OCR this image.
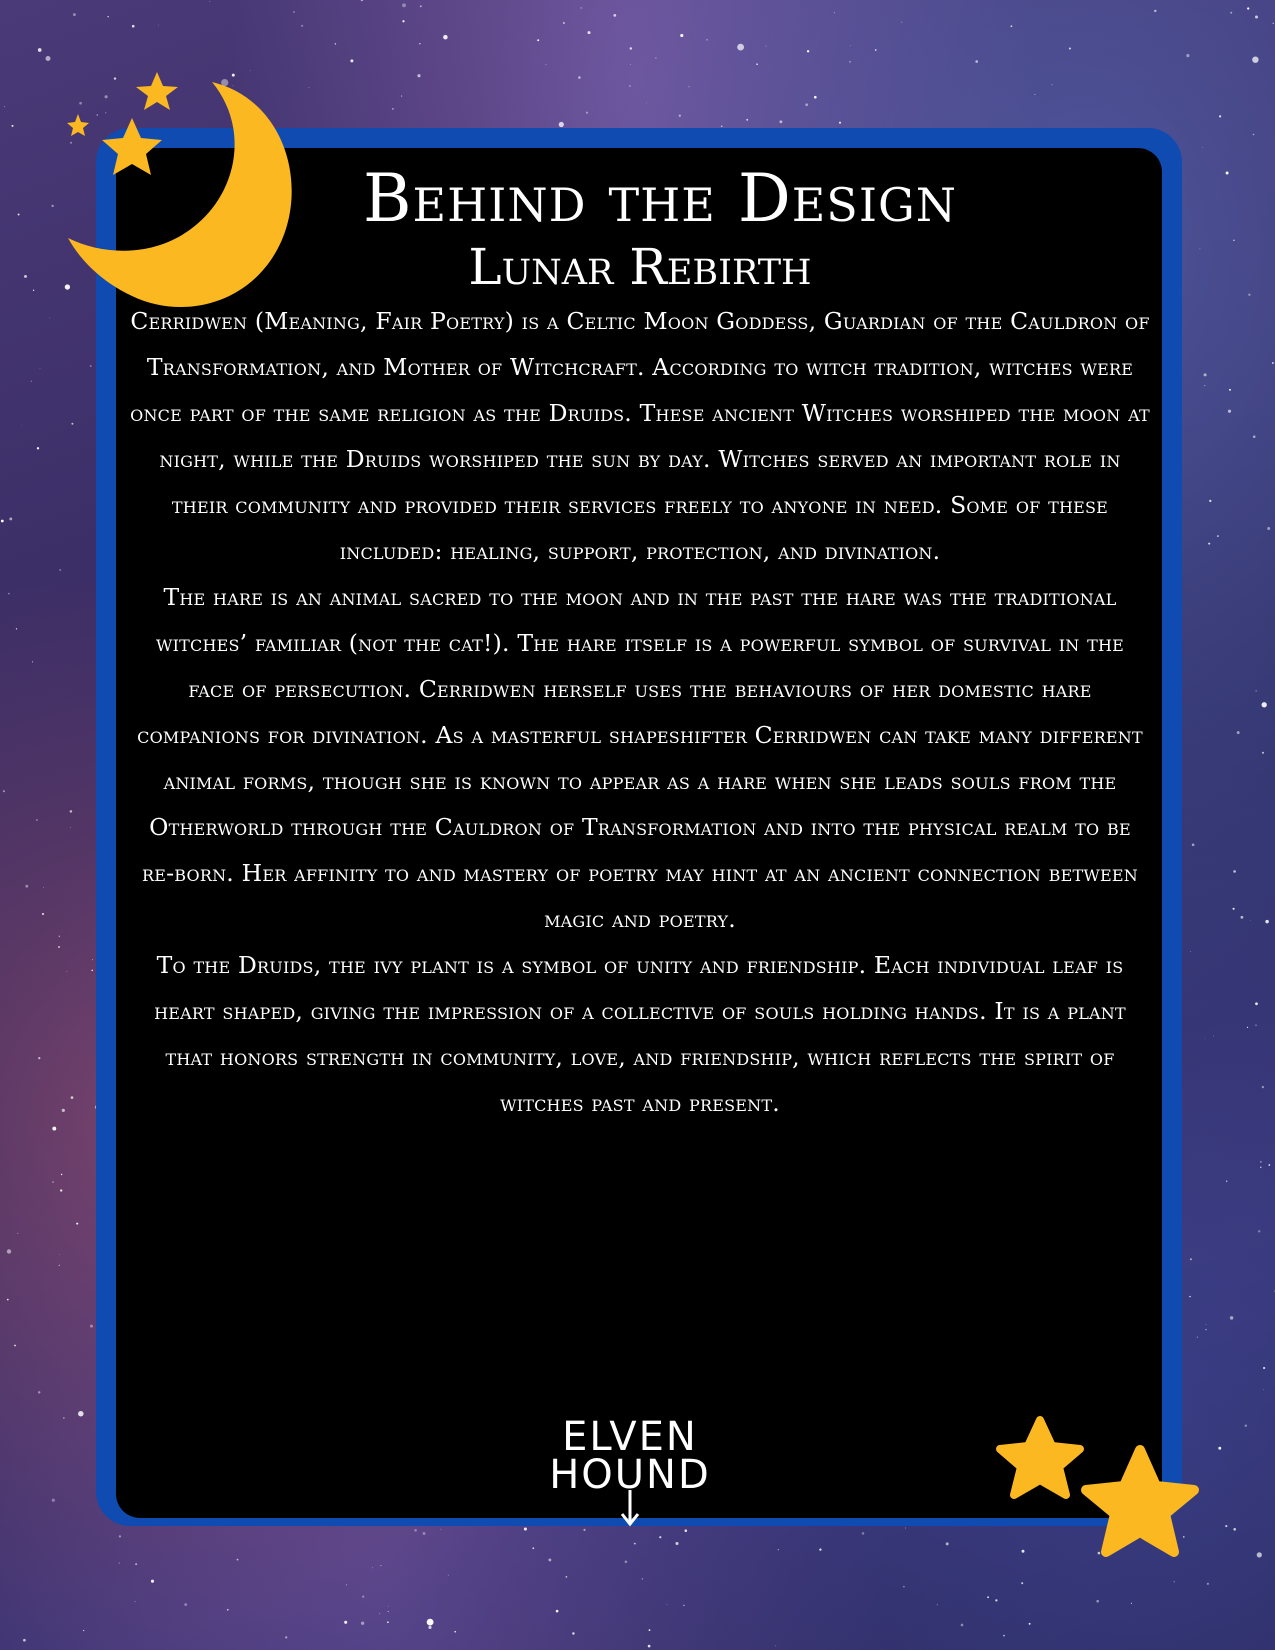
Behind the Design
Lunar Rebirth

Cerridwen (Meaning, Fair Poetry) is a Celtic Moon Goddess, Guardian of the Cauldron of Transformation, and Mother of Witchcraft. According to witch tradition, witches were once part of the same religion as the Druids. These ancient Witches worshiped the moon at night, while the Druids worshiped the sun by day. Witches served an important role in their community and provided their services freely to anyone in need. Some of these included: healing, support, protection, and divination.

The hare is an animal sacred to the moon and in the past the hare was the traditional witches’ familiar (not the cat!). The hare itself is a powerful symbol of survival in the face of persecution. Cerridwen herself uses the behaviours of her domestic hare companions for divination. As a masterful shapeshifter Cerridwen can take many different animal forms, though she is known to appear as a hare when she leads souls from the Otherworld through the Cauldron of Transformation and into the physical realm to be re-born. Her affinity to and mastery of poetry may hint at an ancient connection between magic and poetry.

To the Druids, the ivy plant is a symbol of unity and friendship. Each individual leaf is heart shaped, giving the impression of a collective of souls holding hands. It is a plant that honors strength in community, love, and friendship, which reflects the spirit of witches past and present.

ELVEN
HOUND
